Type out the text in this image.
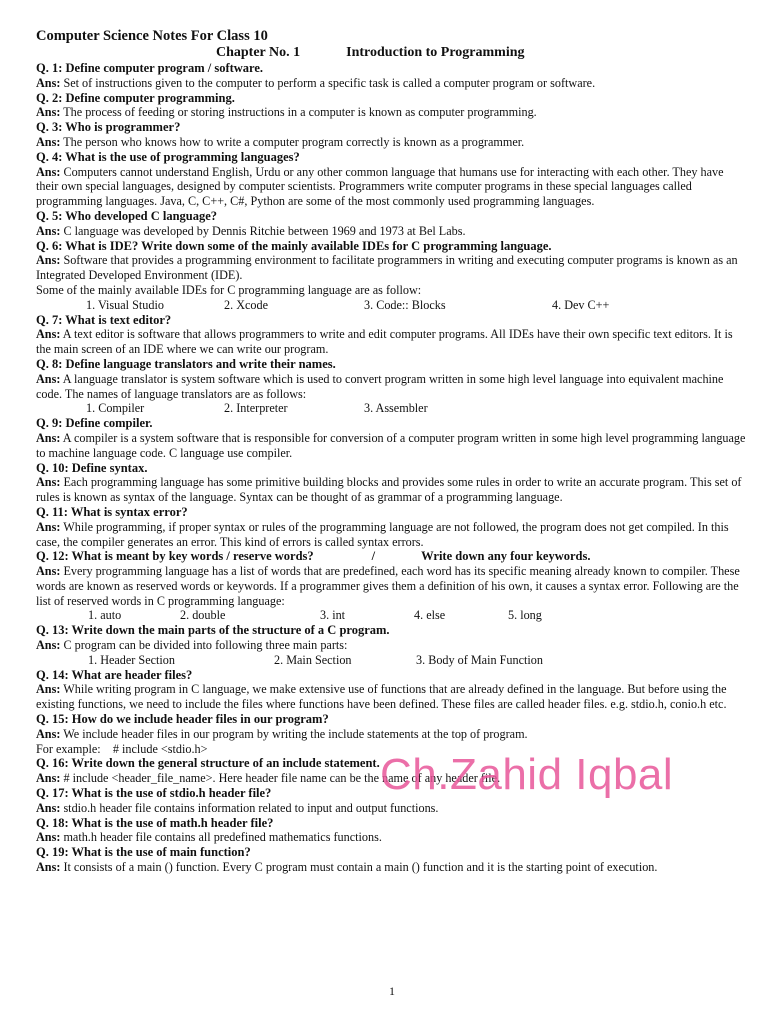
Computer Science Notes For Class 10
Chapter No. 1	Introduction to Programming
Q. 1: Define computer program / software.
Ans: Set of instructions given to the computer to perform a specific task is called a computer program or software.
Q. 2: Define computer programming.
Ans: The process of feeding or storing instructions in a computer is known as computer programming.
Q. 3: Who is programmer?
Ans: The person who knows how to write a computer program correctly is known as a programmer.
Q. 4: What is the use of programming languages?
Ans: Computers cannot understand English, Urdu or any other common language that humans use for interacting with each other. They have their own special languages, designed by computer scientists. Programmers write computer programs in these special languages called programming languages. Java, C, C++, C#, Python are some of the most commonly used programming languages.
Q. 5: Who developed C language?
Ans: C language was developed by Dennis Ritchie between 1969 and 1973 at Bel Labs.
Q. 6: What is IDE? Write down some of the mainly available IDEs for C programming language.
Ans: Software that provides a programming environment to facilitate programmers in writing and executing computer programs is known as an Integrated Developed Environment (IDE).
Some of the mainly available IDEs for C programming language are as follow:
1. Visual Studio	2. Xcode	3. Code:: Blocks	4. Dev C++
Q. 7: What is text editor?
Ans: A text editor is software that allows programmers to write and edit computer programs. All IDEs have their own specific text editors. It is the main screen of an IDE where we can write our program.
Q. 8: Define language translators and write their names.
Ans: A language translator is system software which is used to convert program written in some high level language into equivalent machine code. The names of language translators are as follows:
1. Compiler	2. Interpreter	3. Assembler
Q. 9: Define compiler.
Ans: A compiler is a system software that is responsible for conversion of a computer program written in some high level programming language to machine language code. C language use compiler.
Q. 10: Define syntax.
Ans: Each programming language has some primitive building blocks and provides some rules in order to write an accurate program. This set of rules is known as syntax of the language. Syntax can be thought of as grammar of a programming language.
Q. 11: What is syntax error?
Ans: While programming, if proper syntax or rules of the programming language are not followed, the program does not get compiled. In this case, the compiler generates an error. This kind of errors is called syntax errors.
Q. 12: What is meant by key words / reserve words?	/	Write down any four keywords.
Ans: Every programming language has a list of words that are predefined, each word has its specific meaning already known to compiler. These words are known as reserved words or keywords. If a programmer gives them a definition of his own, it causes a syntax error. Following are the list of reserved words in C programming language:
1. auto	2. double	3. int	4. else	5. long
Q. 13: Write down the main parts of the structure of a C program.
Ans: C program can be divided into following three main parts:
1. Header Section	2. Main Section	3. Body of Main Function
Q. 14: What are header files?
Ans: While writing program in C language, we make extensive use of functions that are already defined in the language. But before using the existing functions, we need to include the files where functions have been defined. These files are called header files. e.g. stdio.h, conio.h etc.
Q. 15: How do we include header files in our program?
Ans: We include header files in our program by writing the include statements at the top of program.
For example: # include <stdio.h>
Q. 16: Write down the general structure of an include statement.
Ans: # include <header_file_name>. Here header file name can be the name of any header file.
Q. 17: What is the use of stdio.h header file?
Ans: stdio.h header file contains information related to input and output functions.
Q. 18: What is the use of math.h header file?
Ans: math.h header file contains all predefined mathematics functions.
Q. 19: What is the use of main function?
Ans: It consists of a main () function. Every C program must contain a main () function and it is the starting point of execution.
Ch.Zahid Iqbal
1
